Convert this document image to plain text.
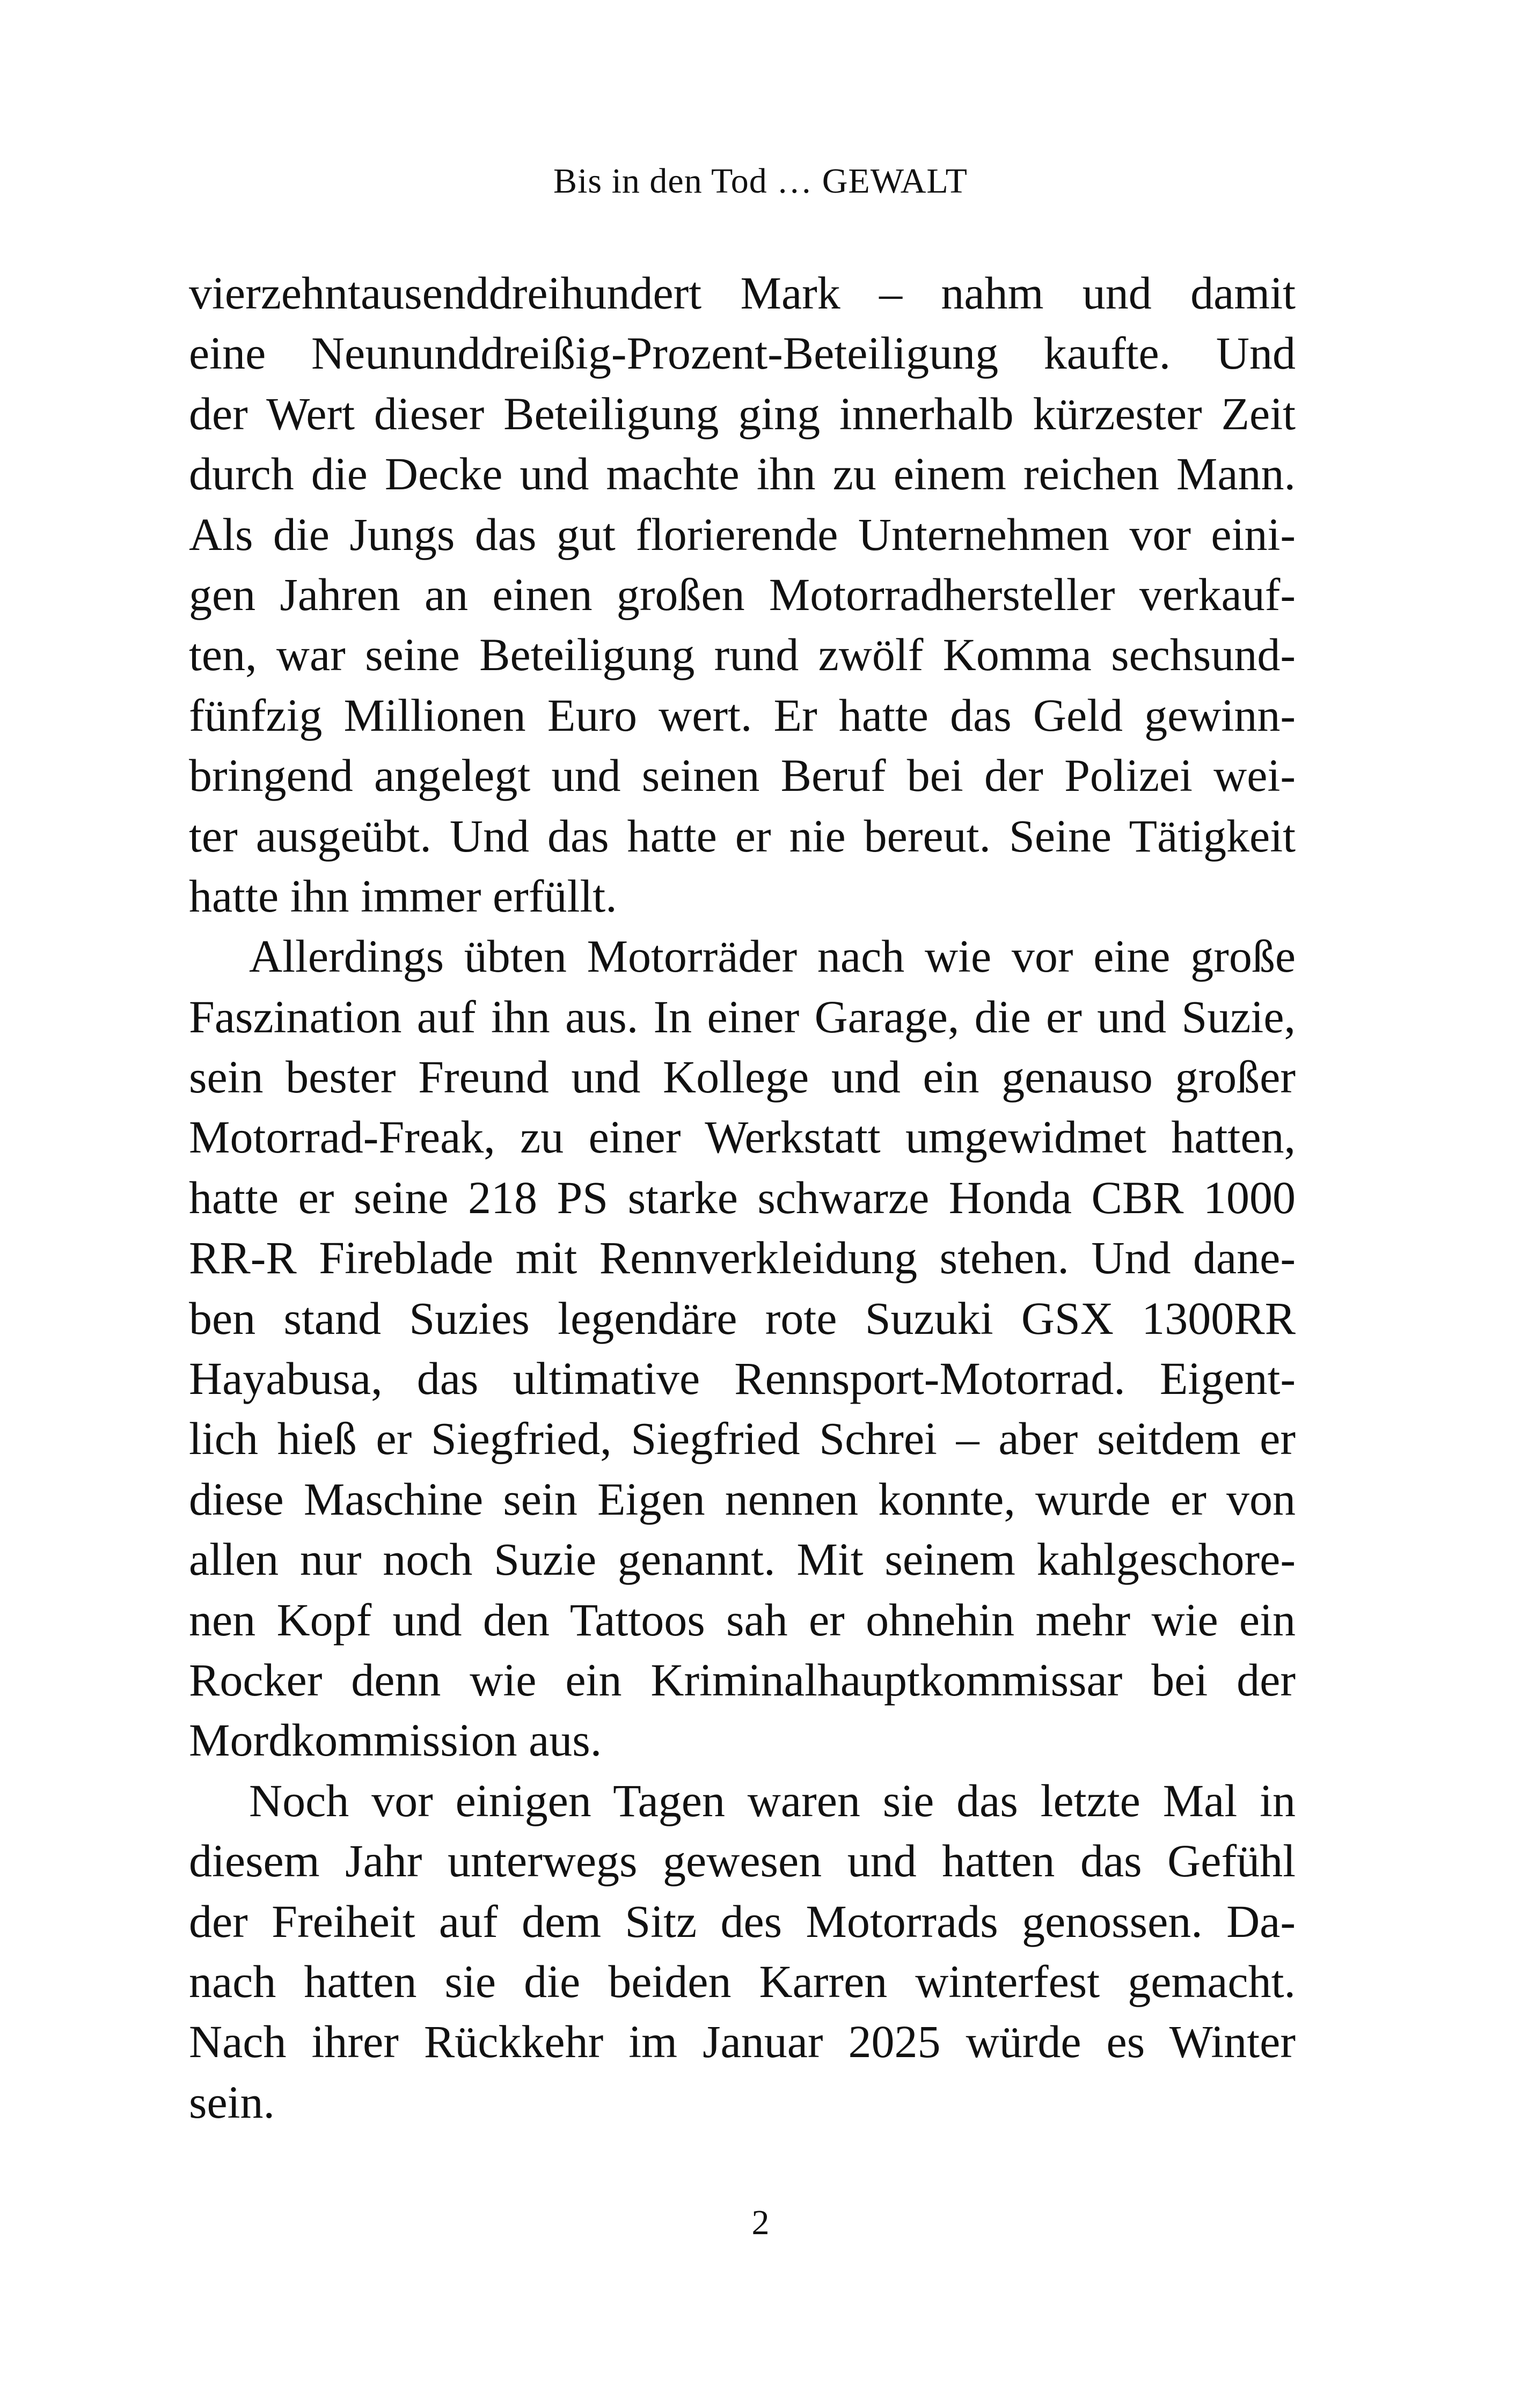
Bis in den Tod … GEWALT
vierzehntausenddreihundert Mark – nahm und damit
eine Neununddreißig-Prozent-Beteiligung kaufte. Und
der Wert dieser Beteiligung ging innerhalb kürzester Zeit
durch die Decke und machte ihn zu einem reichen Mann.
Als die Jungs das gut florierende Unternehmen vor eini-
gen Jahren an einen großen Motorradhersteller verkauf-
ten, war seine Beteiligung rund zwölf Komma sechsund-
fünfzig Millionen Euro wert. Er hatte das Geld gewinn-
bringend angelegt und seinen Beruf bei der Polizei wei-
ter ausgeübt. Und das hatte er nie bereut. Seine Tätigkeit
hatte ihn immer erfüllt.
Allerdings übten Motorräder nach wie vor eine große
Faszination auf ihn aus. In einer Garage, die er und Suzie,
sein bester Freund und Kollege und ein genauso großer
Motorrad-Freak, zu einer Werkstatt umgewidmet hatten,
hatte er seine 218 PS starke schwarze Honda CBR 1000
RR-R Fireblade mit Rennverkleidung stehen. Und dane-
ben stand Suzies legendäre rote Suzuki GSX 1300RR
Hayabusa, das ultimative Rennsport-Motorrad. Eigent-
lich hieß er Siegfried, Siegfried Schrei – aber seitdem er
diese Maschine sein Eigen nennen konnte, wurde er von
allen nur noch Suzie genannt. Mit seinem kahlgeschore-
nen Kopf und den Tattoos sah er ohnehin mehr wie ein
Rocker denn wie ein Kriminalhauptkommissar bei der
Mordkommission aus.
Noch vor einigen Tagen waren sie das letzte Mal in
diesem Jahr unterwegs gewesen und hatten das Gefühl
der Freiheit auf dem Sitz des Motorrads genossen. Da-
nach hatten sie die beiden Karren winterfest gemacht.
Nach ihrer Rückkehr im Januar 2025 würde es Winter
sein.
2
